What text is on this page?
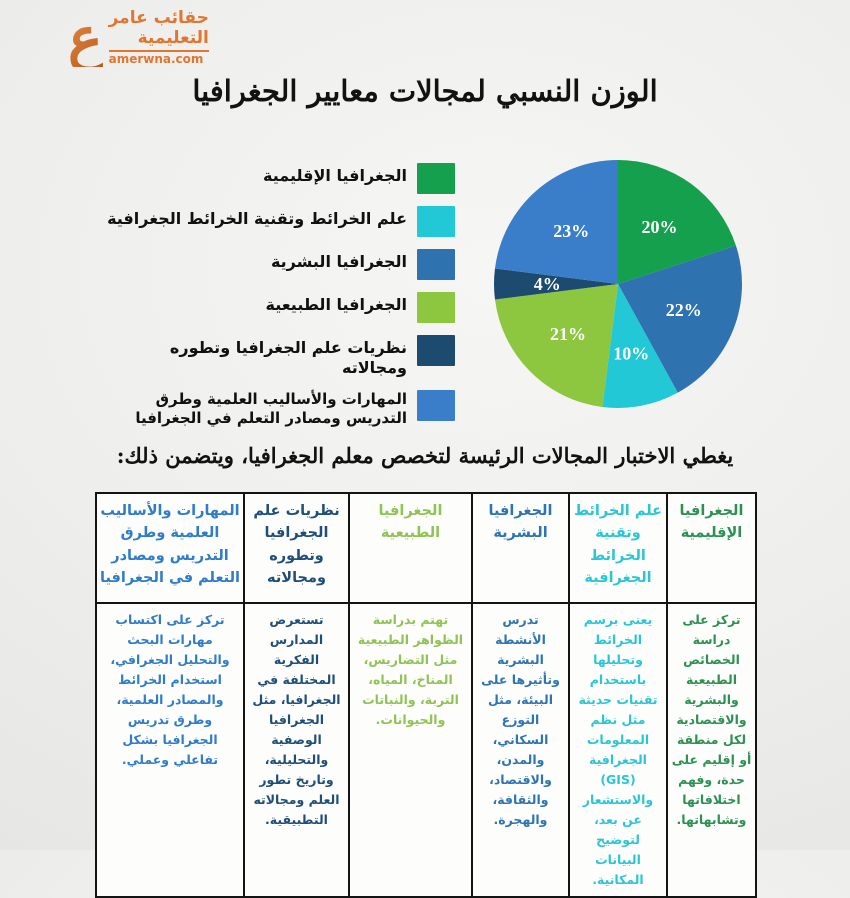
ع حقائب عامر
التعليمية
amerwna.com
الوزن النسبي لمجالات معايير الجغرافيا
الجغرافيا الإقليمية
علم الخرائط وتقنية الخرائط الجغرافية
الجغرافيا البشرية
الجغرافيا الطبيعية
نظريات علم الجغرافيا وتطوره ومجالاته
المهارات والأساليب العلمية وطرق التدريس ومصادر التعلم في الجغرافيا
20%
22%
10%
21%
4%
23%
يغطي الاختبار المجالات الرئيسة لتخصص معلم الجغرافيا، ويتضمن ذلك:
الجغرافيا الإقليمية	علم الخرائط وتقنية الخرائط الجغرافية	الجغرافيا البشرية	الجغرافيا الطبيعية	نظريات علم الجغرافيا وتطوره ومجالاته	المهارات والأساليب العلمية وطرق التدريس ومصادر التعلم في الجغرافيا
تركز على دراسة الخصائص الطبيعية والبشرية والاقتصادية لكل منطقة أو إقليم على حدة، وفهم اختلافاتها وتشابهاتها.	يعنى برسم الخرائط وتحليلها باستخدام تقنيات حديثة مثل نظم المعلومات الجغرافية (GIS) والاستشعار عن بعد، لتوضيح البيانات المكانية.	تدرس الأنشطة البشرية وتأثيرها على البيئة، مثل التوزع السكاني، والمدن، والاقتصاد، والثقافة، والهجرة.	تهتم بدراسة الظواهر الطبيعية مثل التضاريس، المناخ، المياه، التربة، والنباتات والحيوانات.	تستعرض المدارس الفكرية المختلفة في الجغرافيا، مثل الجغرافيا الوصفية والتحليلية، وتاريخ تطور العلم ومجالاته التطبيقية.	تركز على اكتساب مهارات البحث والتحليل الجغرافي، استخدام الخرائط والمصادر العلمية، وطرق تدريس الجغرافيا بشكل تفاعلي وعملي.
